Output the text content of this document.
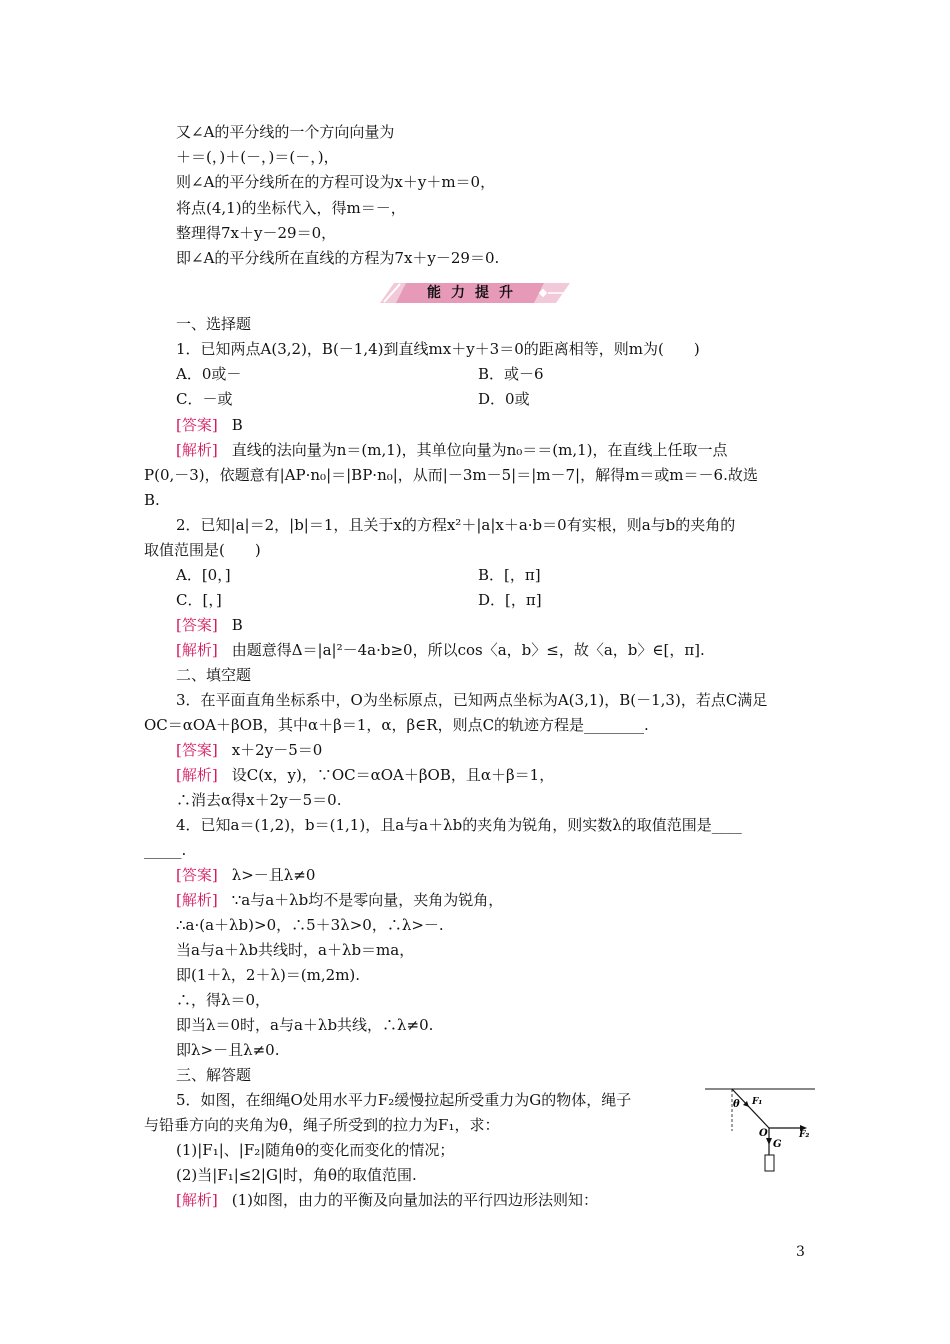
又∠A的平分线的一个方向向量为
＋＝(，)＋(－，)＝(－，)，
则∠A的平分线所在的方程可设为x＋y＋m＝0，
将点(4,1)的坐标代入，得m＝－，
整理得7x＋y－29＝0，
即∠A的平分线所在直线的方程为7x＋y－29＝0.
能力提升
一、选择题
1．已知两点A(3,2)，B(－1,4)到直线mx＋y＋3＝0的距离相等，则m为(　　)
A．0或－	B．或－6
C．－或	D．0或
[答案] B
[解析] 直线的法向量为n＝(m,1)，其单位向量为n₀＝＝(m,1)，在直线上任取一点
P(0,－3)，依题意有|AP·n₀|＝|BP·n₀|，从而|－3m－5|＝|m－7|，解得m＝或m＝－6.故选
B.
2．已知|a|＝2，|b|＝1，且关于x的方程x²＋|a|x＋a·b＝0有实根，则a与b的夹角的
取值范围是(　　)
A．[0，]	B．[，π]
C．[，]	D．[，π]
[答案] B
[解析] 由题意得Δ＝|a|²－4a·b≥0，所以cos〈a，b〉≤，故〈a，b〉∈[，π].
二、填空题
3．在平面直角坐标系中，O为坐标原点，已知两点坐标为A(3,1)，B(－1,3)，若点C满足
OC＝αOA＋βOB，其中α＋β＝1，α，β∈R，则点C的轨迹方程是________.
[答案] x＋2y－5＝0
[解析] 设C(x，y)，∵OC＝αOA＋βOB，且α＋β＝1，
∴消去α得x＋2y－5＝0.
4．已知a＝(1,2)，b＝(1,1)，且a与a＋λb的夹角为锐角，则实数λ的取值范围是____
_____.
[答案] λ>－且λ≠0
[解析] ∵a与a＋λb均不是零向量，夹角为锐角，
∴a·(a＋λb)>0，∴5＋3λ>0，∴λ>－.
当a与a＋λb共线时，a＋λb＝ma，
即(1＋λ，2＋λ)＝(m,2m).
∴，得λ＝0，
即当λ＝0时，a与a＋λb共线，∴λ≠0.
即λ>－且λ≠0.
三、解答题
5．如图，在细绳O处用水平力F₂缓慢拉起所受重力为G的物体，绳子
与铅垂方向的夹角为θ，绳子所受到的拉力为F₁，求：
(1)|F₁|、|F₂|随角θ的变化而变化的情况；
(2)当|F₁|≤2|G|时，角θ的取值范围.
[解析] (1)如图，由力的平衡及向量加法的平行四边形法则知：
θ F₁
O	F₂
G
3
